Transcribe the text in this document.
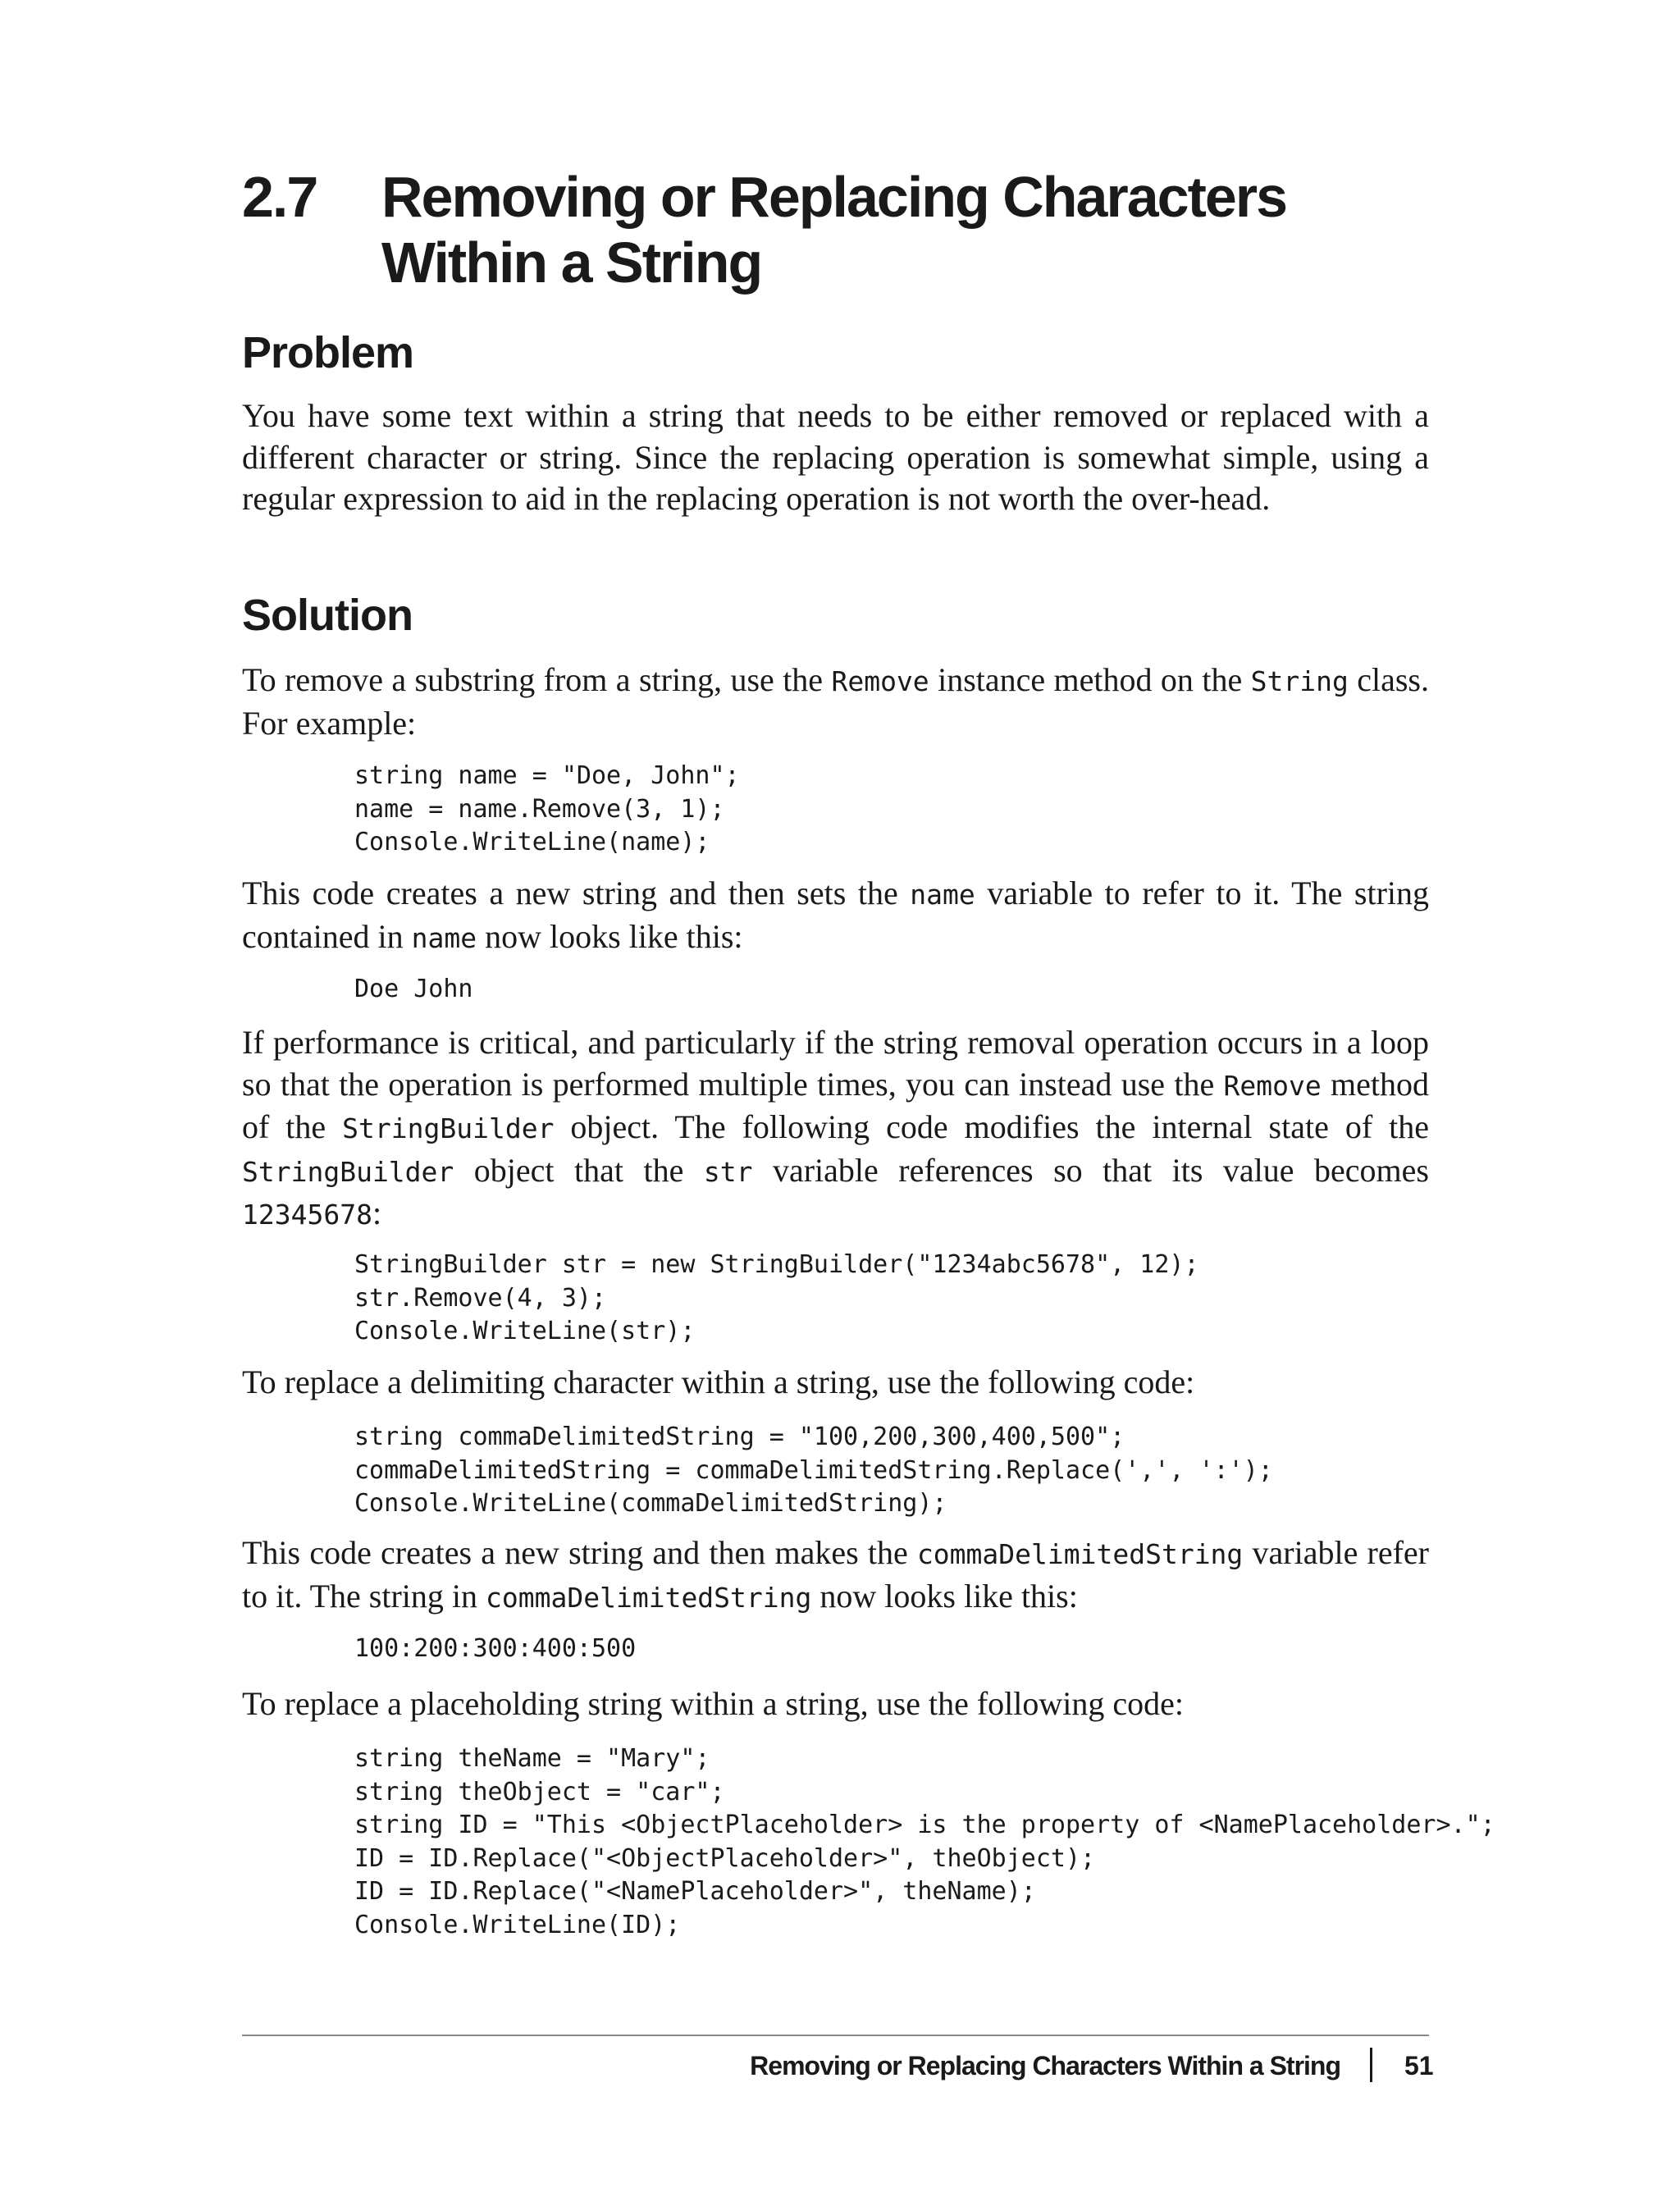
2.7 Removing or Replacing Characters Within a String
Problem
You have some text within a string that needs to be either removed or replaced with a different character or string. Since the replacing operation is somewhat simple, using a regular expression to aid in the replacing operation is not worth the over-head.
Solution
To remove a substring from a string, use the Remove instance method on the String class. For example:
string name = "Doe, John";
name = name.Remove(3, 1);
Console.WriteLine(name);
This code creates a new string and then sets the name variable to refer to it. The string contained in name now looks like this:
Doe John
If performance is critical, and particularly if the string removal operation occurs in a loop so that the operation is performed multiple times, you can instead use the Remove method of the StringBuilder object. The following code modifies the internal state of the StringBuilder object that the str variable references so that its value becomes 12345678:
StringBuilder str = new StringBuilder("1234abc5678", 12);
str.Remove(4, 3);
Console.WriteLine(str);
To replace a delimiting character within a string, use the following code:
string commaDelimitedString = "100,200,300,400,500";
commaDelimitedString = commaDelimitedString.Replace(',', ':');
Console.WriteLine(commaDelimitedString);
This code creates a new string and then makes the commaDelimitedString variable refer to it. The string in commaDelimitedString now looks like this:
100:200:300:400:500
To replace a placeholding string within a string, use the following code:
string theName = "Mary";
string theObject = "car";
string ID = "This <ObjectPlaceholder> is the property of <NamePlaceholder>.";
ID = ID.Replace("<ObjectPlaceholder>", theObject);
ID = ID.Replace("<NamePlaceholder>", theName);
Console.WriteLine(ID);
Removing or Replacing Characters Within a String 51
